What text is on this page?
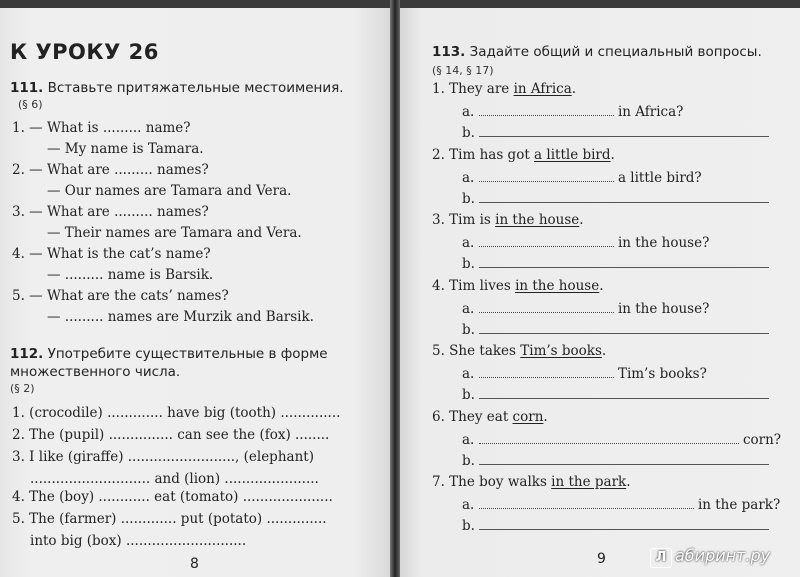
К УРОКУ 26
111. Вставьте притяжательные местоимения.
(§ 6)
1. — What is ......... name?
— My name is Tamara.
2. — What are ......... names?
— Our names are Tamara and Vera.
3. — What are ......... names?
— Their names are Tamara and Vera.
4. — What is the cat’s name?
— ......... name is Barsik.
5. — What are the cats’ names?
— ......... names are Murzik and Barsik.
112. Употребите существительные в форме
множественного числа.
(§ 2)
1. (crocodile) ............. have big (tooth) ..............
2. The (pupil) ............... can see the (fox) ........
3. I like (giraffe) ........................., (elephant)
............................ and (lion) ......................
4. The (boy) ............ eat (tomato) .....................
5. The (farmer) ............. put (potato) ..............
into big (box) ............................
8
113. Задайте общий и специальный вопросы.
(§ 14, § 17)
1. They are in Africa.
a.	in Africa?
b.
2. Tim has got a little bird.
a.	a little bird?
b.
3. Tim is in the house.
a.	in the house?
b.
4. Tim lives in the house.
a.	in the house?
b.
5. She takes Tim’s books.
a.	Tim’s books?
b.
6. They eat corn.
a.	corn?
b.
7. The boy walks in the park.
a.	in the park?
b.
9	Л абиринт.ру
